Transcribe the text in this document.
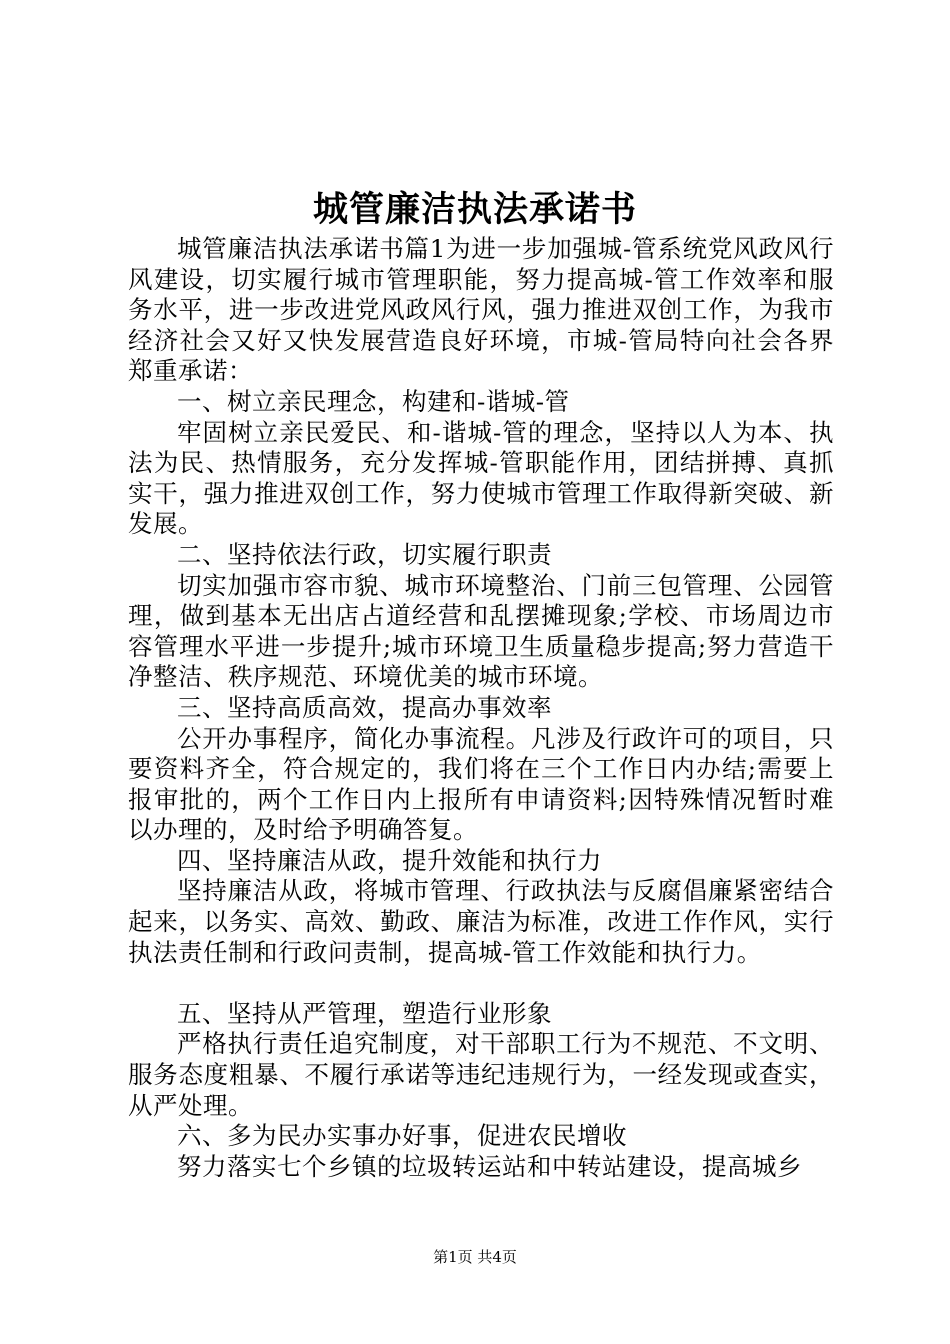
城管廉洁执法承诺书

城管廉洁执法承诺书篇1为进一步加强城-管系统党风政风行风建设，切实履行城市管理职能，努力提高城-管工作效率和服务水平，进一步改进党风政风行风，强力推进双创工作，为我市经济社会又好又快发展营造良好环境，市城-管局特向社会各界郑重承诺：

一、树立亲民理念，构建和-谐城-管

牢固树立亲民爱民、和-谐城-管的理念，坚持以人为本、执法为民、热情服务，充分发挥城-管职能作用，团结拼搏、真抓实干，强力推进双创工作，努力使城市管理工作取得新突破、新发展。

二、坚持依法行政，切实履行职责

切实加强市容市貌、城市环境整治、门前三包管理、公园管理，做到基本无出店占道经营和乱摆摊现象;学校、市场周边市容管理水平进一步提升;城市环境卫生质量稳步提高;努力营造干净整洁、秩序规范、环境优美的城市环境。

三、坚持高质高效，提高办事效率

公开办事程序，简化办事流程。凡涉及行政许可的项目，只要资料齐全，符合规定的，我们将在三个工作日内办结;需要上报审批的，两个工作日内上报所有申请资料;因特殊情况暂时难以办理的，及时给予明确答复。

四、坚持廉洁从政，提升效能和执行力

坚持廉洁从政，将城市管理、行政执法与反腐倡廉紧密结合起来，以务实、高效、勤政、廉洁为标准，改进工作作风，实行执法责任制和行政问责制，提高城-管工作效能和执行力。

五、坚持从严管理，塑造行业形象

严格执行责任追究制度，对干部职工行为不规范、不文明、服务态度粗暴、不履行承诺等违纪违规行为，一经发现或查实，从严处理。

六、多为民办实事办好事，促进农民增收

努力落实七个乡镇的垃圾转运站和中转站建设，提高城乡

第1页 共4页
